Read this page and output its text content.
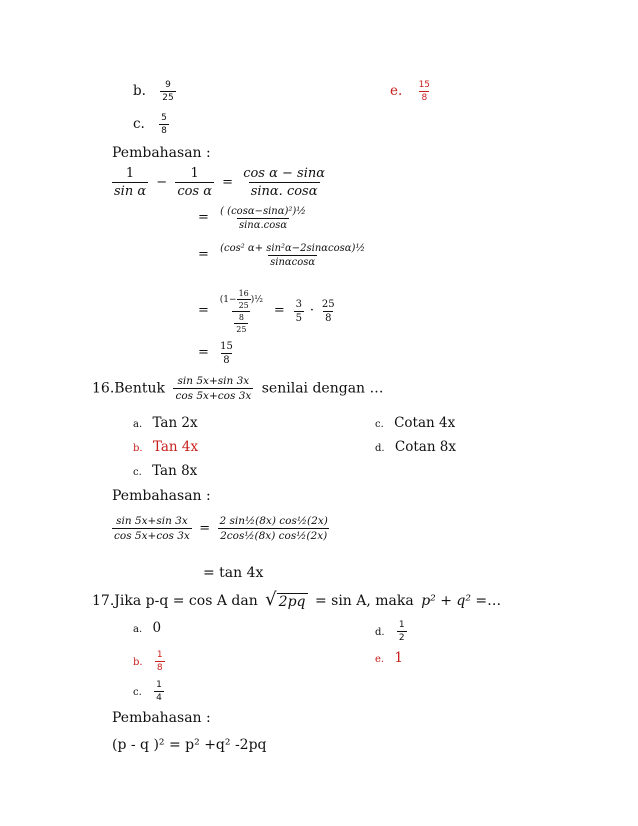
b. $\frac{9}{25}$	e. $\frac{15}{8}$
c. $\frac{5}{8}$
Pembahasan :
$\frac{1}{\text{sin α}} - \frac{1}{\text{cos α}} = \frac{\text{cos α − sinα}}{\sin\alpha. \cos\alpha}$
= $\frac{\text{( (cosα−sinα)²)½}}{\sin\alpha.\cos\alpha}$
= $\frac{\text{(cos² α+ sin²α−2sinαcosα)½}}{\sin\alpha\cos\alpha}$
= $\frac{(1- \frac{16}{25} )\frac{1}{2}}{\frac{8}{25}} = \frac{3}{5} \cdot \frac{25}{8}$
= $\frac{15}{8}$
16.Bentuk $\frac{\sin 5x+\sin 3x}{\cos 5x+\cos 3x}$ senilai dengan …
a. Tan 2x	c. Cotan 4x
b. Tan 4x	d. Cotan 8x
c. Tan 8x
Pembahasan :
$\frac{\sin 5x+\sin 3x}{\cos 5x+\cos 3x} = \frac{\text{2 sin½(8x) cos½(2x)}}{\text{2cos½(8x) cos½(2x)}}$
= tan 4x
17.Jika p-q = cos A dan √ 2pq = sin A, maka p² + q² =…
a. 0	d. $\frac{1}{2}$
b. $\frac{1}{8}$	e. 1
c. $\frac{1}{4}$
Pembahasan :
(p - q )² = p² +q² -2pq
